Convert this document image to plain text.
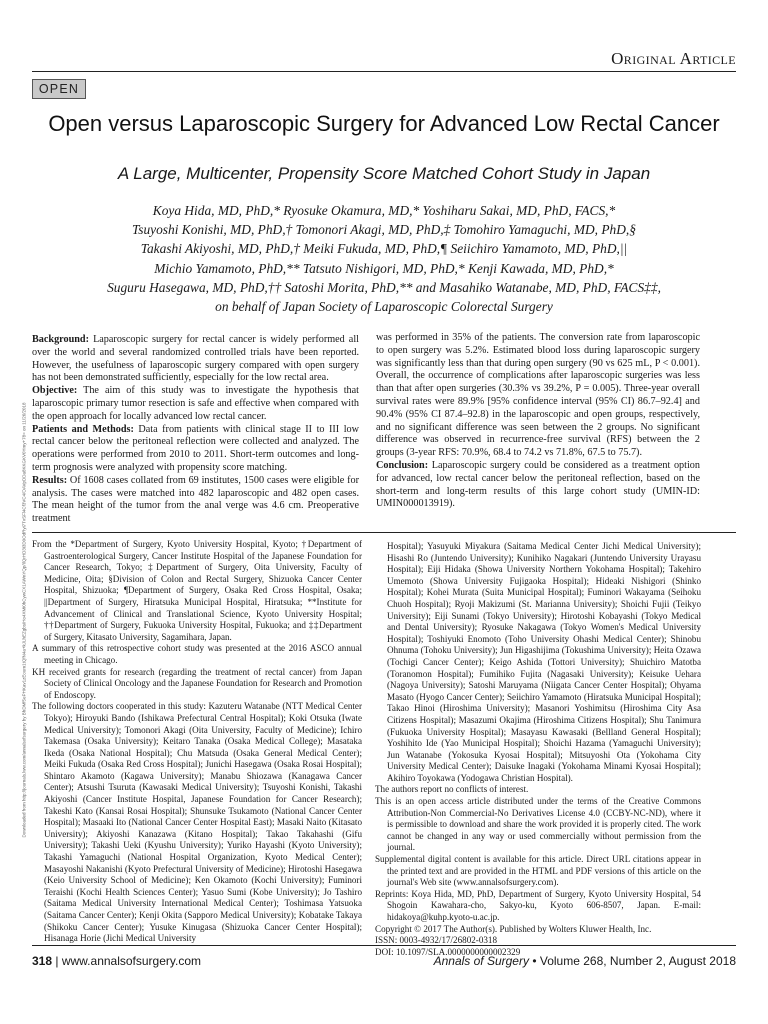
Original Article
OPEN
Open versus Laparoscopic Surgery for Advanced Low Rectal Cancer
A Large, Multicenter, Propensity Score Matched Cohort Study in Japan
Koya Hida, MD, PhD,* Ryosuke Okamura, MD,* Yoshiharu Sakai, MD, PhD, FACS,*
Tsuyoshi Konishi, MD, PhD,† Tomonori Akagi, MD, PhD,‡ Tomohiro Yamaguchi, MD, PhD,§
Takashi Akiyoshi, MD, PhD,† Meiki Fukuda, MD, PhD,¶ Seiichiro Yamamoto, MD, PhD,||
Michio Yamamoto, PhD,** Tatsuto Nishigori, MD, PhD,* Kenji Kawada, MD, PhD,*
Suguru Hasegawa, MD, PhD,†† Satoshi Morita, PhD,** and Masahiko Watanabe, MD, PhD, FACS‡‡,
on behalf of Japan Society of Laparoscopic Colorectal Surgery
Downloaded from http://journals.lww.com/annalsofsurgery by BhDMf5ePHKav1zEoum1tQfN4a+kJLhEZgbsIHo4XMi0hCywCX1AWnYQp/IlQrHD3i3D0OdRyi7TvSFl4Cf3VC4/OAVpDDa8KKGKV0Ymy+78= on 11/26/2018

Background: Laparoscopic surgery for rectal cancer is widely performed all over the world and several randomized controlled trials have been reported. However, the usefulness of laparoscopic surgery compared with open surgery has not been demonstrated sufficiently, especially for the low rectal area.

Objective: The aim of this study was to investigate the hypothesis that laparoscopic primary tumor resection is safe and effective when compared with the open approach for locally advanced low rectal cancer.

Patients and Methods: Data from patients with clinical stage II to III low rectal cancer below the peritoneal reflection were collected and analyzed. The operations were performed from 2010 to 2011. Short-term outcomes and long-term prognosis were analyzed with propensity score matching.

Results: Of 1608 cases collated from 69 institutes, 1500 cases were eligible for analysis. The cases were matched into 482 laparoscopic and 482 open cases. The mean height of the tumor from the anal verge was 4.6 cm. Preoperative treatment

was performed in 35% of the patients. The conversion rate from laparoscopic to open surgery was 5.2%. Estimated blood loss during laparoscopic surgery was significantly less than that during open surgery (90 vs 625 mL, P < 0.001). Overall, the occurrence of complications after laparoscopic surgeries was less than that after open surgeries (30.3% vs 39.2%, P = 0.005). Three-year overall survival rates were 89.9% [95% confidence interval (95% CI) 86.7–92.4] and 90.4% (95% CI 87.4–92.8) in the laparoscopic and open groups, respectively, and no significant difference was seen between the 2 groups. No significant difference was observed in recurrence-free survival (RFS) between the 2 groups (3-year RFS: 70.9%, 68.4 to 74.2 vs 71.8%, 67.5 to 75.7).

Conclusion: Laparoscopic surgery could be considered as a treatment option for advanced, low rectal cancer below the peritoneal reflection, based on the short-term and long-term results of this large cohort study (UMIN-ID: UMIN000013919).

From the *Department of Surgery, Kyoto University Hospital, Kyoto; †Department of Gastroenterological Surgery, Cancer Institute Hospital of the Japanese Foundation for Cancer Research, Tokyo; ‡Department of Surgery, Oita University, Faculty of Medicine, Oita; §Division of Colon and Rectal Surgery, Shizuoka Cancer Center Hospital, Shizuoka; ¶Department of Surgery, Osaka Red Cross Hospital, Osaka; ||Department of Surgery, Hiratsuka Municipal Hospital, Hiratsuka; **Institute for Advancement of Clinical and Translational Science, Kyoto University Hospital; ††Department of Surgery, Fukuoka University Hospital, Fukuoka; and ‡‡Department of Surgery, Kitasato University, Sagamihara, Japan.

A summary of this retrospective cohort study was presented at the 2016 ASCO annual meeting in Chicago.

KH received grants for research (regarding the treatment of rectal cancer) from Japan Society of Clinical Oncology and the Japanese Foundation for Research and Promotion of Endoscopy.

The following doctors cooperated in this study: Kazuteru Watanabe (NTT Medical Center Tokyo); Hiroyuki Bando (Ishikawa Prefectural Central Hospital); Koki Otsuka (Iwate Medical University); Tomonori Akagi (Oita University, Faculty of Medicine); Ichiro Takemasa (Osaka University); Keitaro Tanaka (Osaka Medical College); Masataka Ikeda (Osaka National Hospital); Chu Matsuda (Osaka General Medical Center); Meiki Fukuda (Osaka Red Cross Hospital); Junichi Hasegawa (Osaka Rosai Hospital); Shintaro Akamoto (Kagawa University); Manabu Shiozawa (Kanagawa Cancer Center); Atsushi Tsuruta (Kawasaki Medical University); Tsuyoshi Konishi, Takashi Akiyoshi (Cancer Institute Hospital, Japanese Foundation for Cancer Research); Takeshi Kato (Kansai Rosai Hospital); Shunsuke Tsukamoto (National Cancer Center Hospital); Masaaki Ito (National Cancer Center Hospital East); Masaki Naito (Kitasato University); Akiyoshi Kanazawa (Kitano Hospital); Takao Takahashi (Gifu University); Takashi Ueki (Kyushu University); Yuriko Hayashi (Kyoto University); Takashi Yamaguchi (National Hospital Organization, Kyoto Medical Center); Masayoshi Nakanishi (Kyoto Prefectural University of Medicine); Hirotoshi Hasegawa (Keio University School of Medicine); Ken Okamoto (Kochi University); Fuminori Teraishi (Kochi Health Sciences Center); Yasuo Sumi (Kobe University); Jo Tashiro (Saitama Medical University International Medical Center); Toshimasa Yatsuoka (Saitama Cancer Center); Kenji Okita (Sapporo Medical University); Kobatake Takaya (Shikoku Cancer Center); Yusuke Kinugasa (Shizuoka Cancer Center Hospital); Hisanaga Horie (Jichi Medical University

Hospital); Yasuyuki Miyakura (Saitama Medical Center Jichi Medical University); Hisashi Ro (Juntendo University); Kunihiko Nagakari (Juntendo University Urayasu Hospital); Eiji Hidaka (Showa University Northern Yokohama Hospital); Takehiro Umemoto (Showa University Fujigaoka Hospital); Hideaki Nishigori (Shinko Hospital); Kohei Murata (Suita Municipal Hospital); Fuminori Wakayama (Seihoku Chuoh Hospital); Ryoji Makizumi (St. Marianna University); Shoichi Fujii (Teikyo University); Eiji Sunami (Tokyo University); Hirotoshi Kobayashi (Tokyo Medical and Dental University); Ryosuke Nakagawa (Tokyo Women's Medical University Hospital); Toshiyuki Enomoto (Toho University Ohashi Medical Center); Shinobu Ohnuma (Tohoku University); Jun Higashijima (Tokushima University); Heita Ozawa (Tochigi Cancer Center); Keigo Ashida (Tottori University); Shuichiro Matotba (Toranomon Hospital); Fumihiko Fujita (Nagasaki University); Keisuke Uehara (Nagoya University); Satoshi Maruyama (Niigata Cancer Center Hospital); Ohyama Masato (Hyogo Cancer Center); Seiichiro Yamamoto (Hiratsuka Municipal Hospital); Takao Hinoi (Hiroshima University); Masanori Yoshimitsu (Hiroshima City Asa Citizens Hospital); Masazumi Okajima (Hiroshima Citizens Hospital); Shu Tanimura (Fukuoka University Hospital); Masayasu Kawasaki (Bellland General Hospital); Yoshihito Ide (Yao Municipal Hospital); Shoichi Hazama (Yamaguchi University); Jun Watanabe (Yokosuka Kyosai Hospital); Mitsuyoshi Ota (Yokohama City University Medical Center); Daisuke Inagaki (Yokohama Minami Kyosai Hospital); Akihiro Toyokawa (Yodogawa Christian Hospital).

The authors report no conflicts of interest.

This is an open access article distributed under the terms of the Creative Commons Attribution-Non Commercial-No Derivatives License 4.0 (CCBY-NC-ND), where it is permissible to download and share the work provided it is properly cited. The work cannot be changed in any way or used commercially without permission from the journal.

Supplemental digital content is available for this article. Direct URL citations appear in the printed text and are provided in the HTML and PDF versions of this article on the journal's Web site (www.annalsofsurgery.com).

Reprints: Koya Hida, MD, PhD, Department of Surgery, Kyoto University Hospital, 54 Shogoin Kawahara-cho, Sakyo-ku, Kyoto 606-8507, Japan. E-mail: hidakoya@kuhp.kyoto-u.ac.jp.

Copyright © 2017 The Author(s). Published by Wolters Kluwer Health, Inc.

ISSN: 0003-4932/17/26802-0318

DOI: 10.1097/SLA.0000000000002329

318 | www.annalsofsurgery.com	Annals of Surgery • Volume 268, Number 2, August 2018
